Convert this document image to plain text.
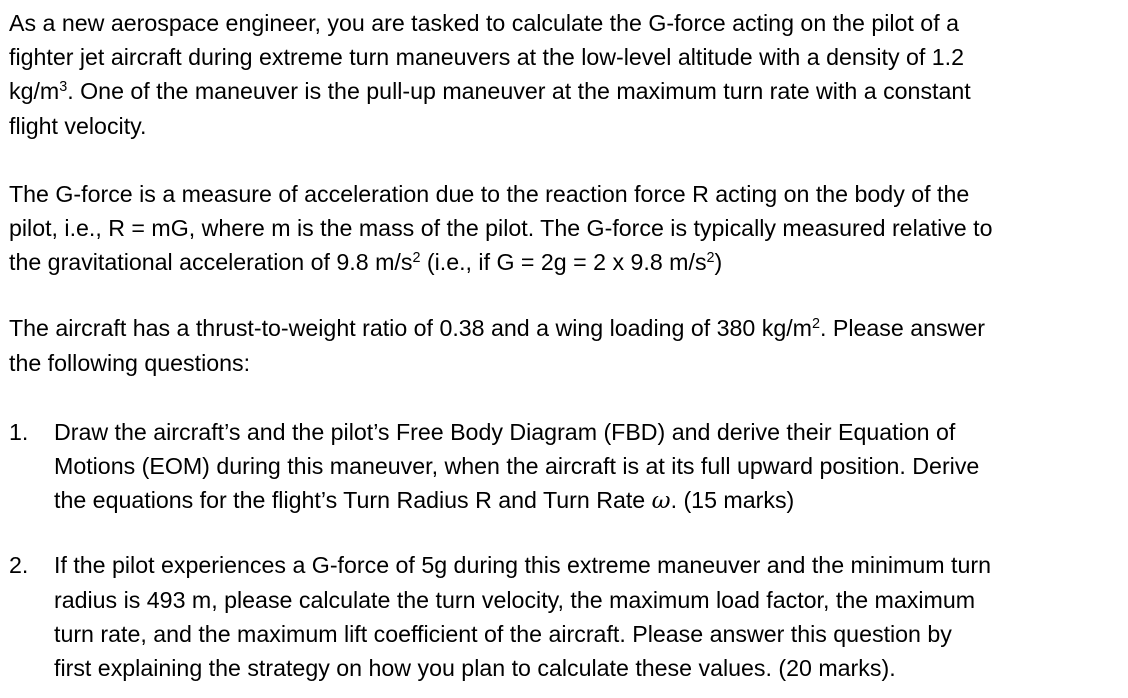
As a new aerospace engineer, you are tasked to calculate the G-force acting on the pilot of a
fighter jet aircraft during extreme turn maneuvers at the low-level altitude with a density of 1.2
$kg/m^3$. One of the maneuver is the pull-up maneuver at the maximum turn rate with a constant
flight velocity.

The G-force is a measure of acceleration due to the reaction force R acting on the body of the
pilot, i.e., R = mG, where m is the mass of the pilot. The G-force is typically measured relative to
the gravitational acceleration of 9.8 $m/s^2$ (i.e., if G = 2g = 2 x 9.8 $m/s^2$)

The aircraft has a thrust-to-weight ratio of 0.38 and a wing loading of 380 $kg/m^2$. Please answer
the following questions:

1. Draw the aircraft’s and the pilot’s Free Body Diagram (FBD) and derive their Equation of
Motions (EOM) during this maneuver, when the aircraft is at its full upward position. Derive
the equations for the flight’s Turn Radius R and Turn Rate ω. (15 marks)
2. If the pilot experiences a G-force of 5g during this extreme maneuver and the minimum turn
radius is 493 m, please calculate the turn velocity, the maximum load factor, the maximum
turn rate, and the maximum lift coefficient of the aircraft. Please answer this question by
first explaining the strategy on how you plan to calculate these values. (20 marks).
